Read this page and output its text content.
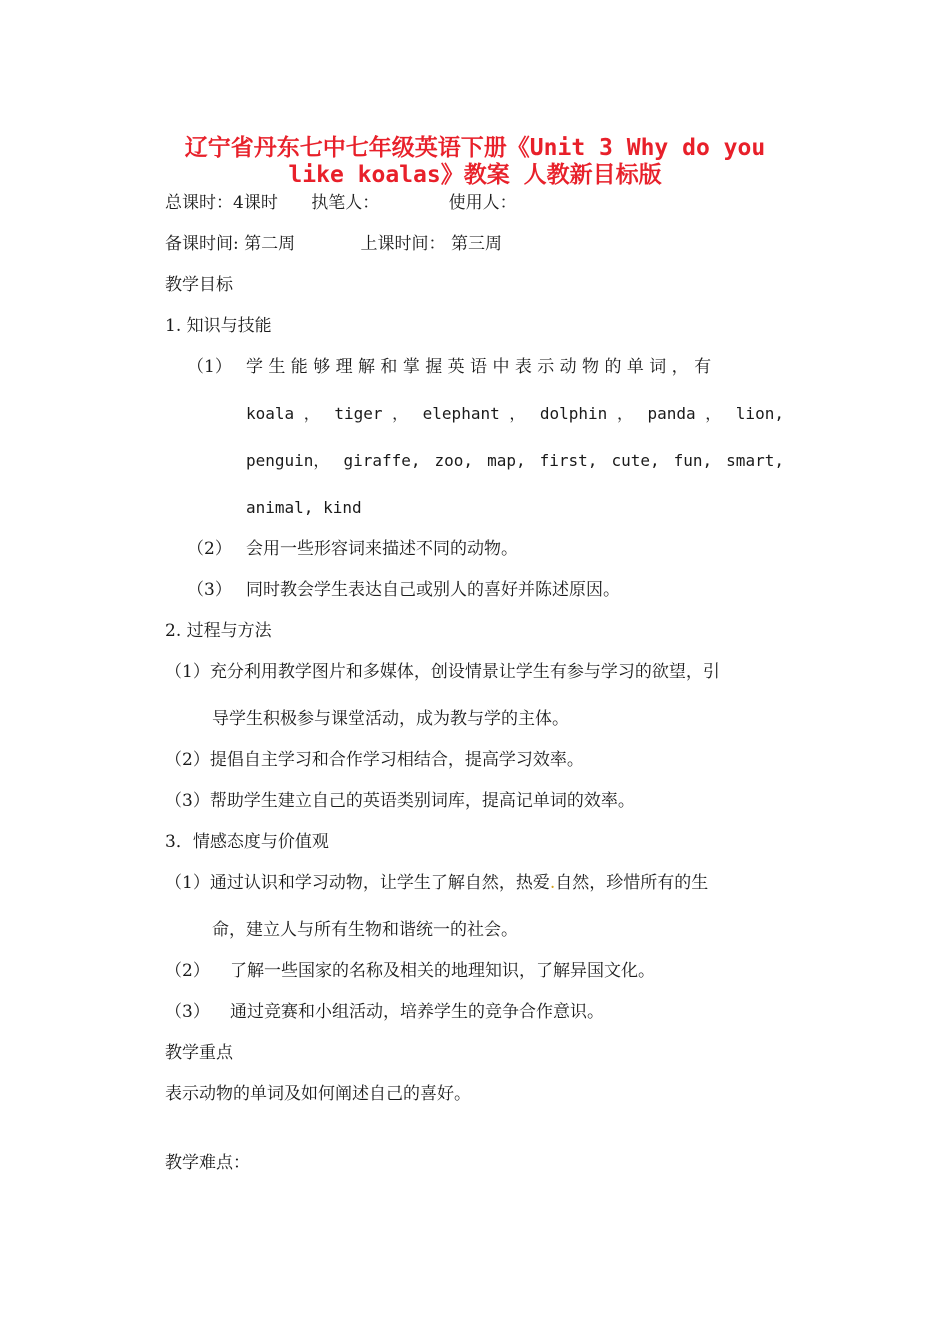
辽宁省丹东七中七年级英语下册《Unit 3 Why do you
like koalas》教案 人教新目标版
总课时：4课时 执笔人：	使用人：
备课时间: 第二周	上课时间： 第三周
教学目标
1. 知识与技能
（1） 学 生 能 够 理 解 和 掌 握 英 语 中 表 示 动 物 的 单 词 ， 有
koala ， tiger ， elephant ， dolphin ， panda ， lion,
penguin， giraffe, zoo, map, first, cute, fun, smart,
animal, kind
（2） 会用一些形容词来描述不同的动物。
（3） 同时教会学生表达自己或别人的喜好并陈述原因。
2. 过程与方法
（1）充分利用教学图片和多媒体，创设情景让学生有参与学习的欲望，引
导学生积极参与课堂活动，成为教与学的主体。
（2）提倡自主学习和合作学习相结合，提高学习效率。
（3）帮助学生建立自己的英语类别词库，提高记单词的效率。
3．情感态度与价值观
（1）通过认识和学习动物，让学生了解自然，热爱.自然，珍惜所有的生
命，建立人与所有生物和谐统一的社会。
（2） 了解一些国家的名称及相关的地理知识，了解异国文化。
（3） 通过竞赛和小组活动，培养学生的竞争合作意识。
教学重点
表示动物的单词及如何阐述自己的喜好。
教学难点：
